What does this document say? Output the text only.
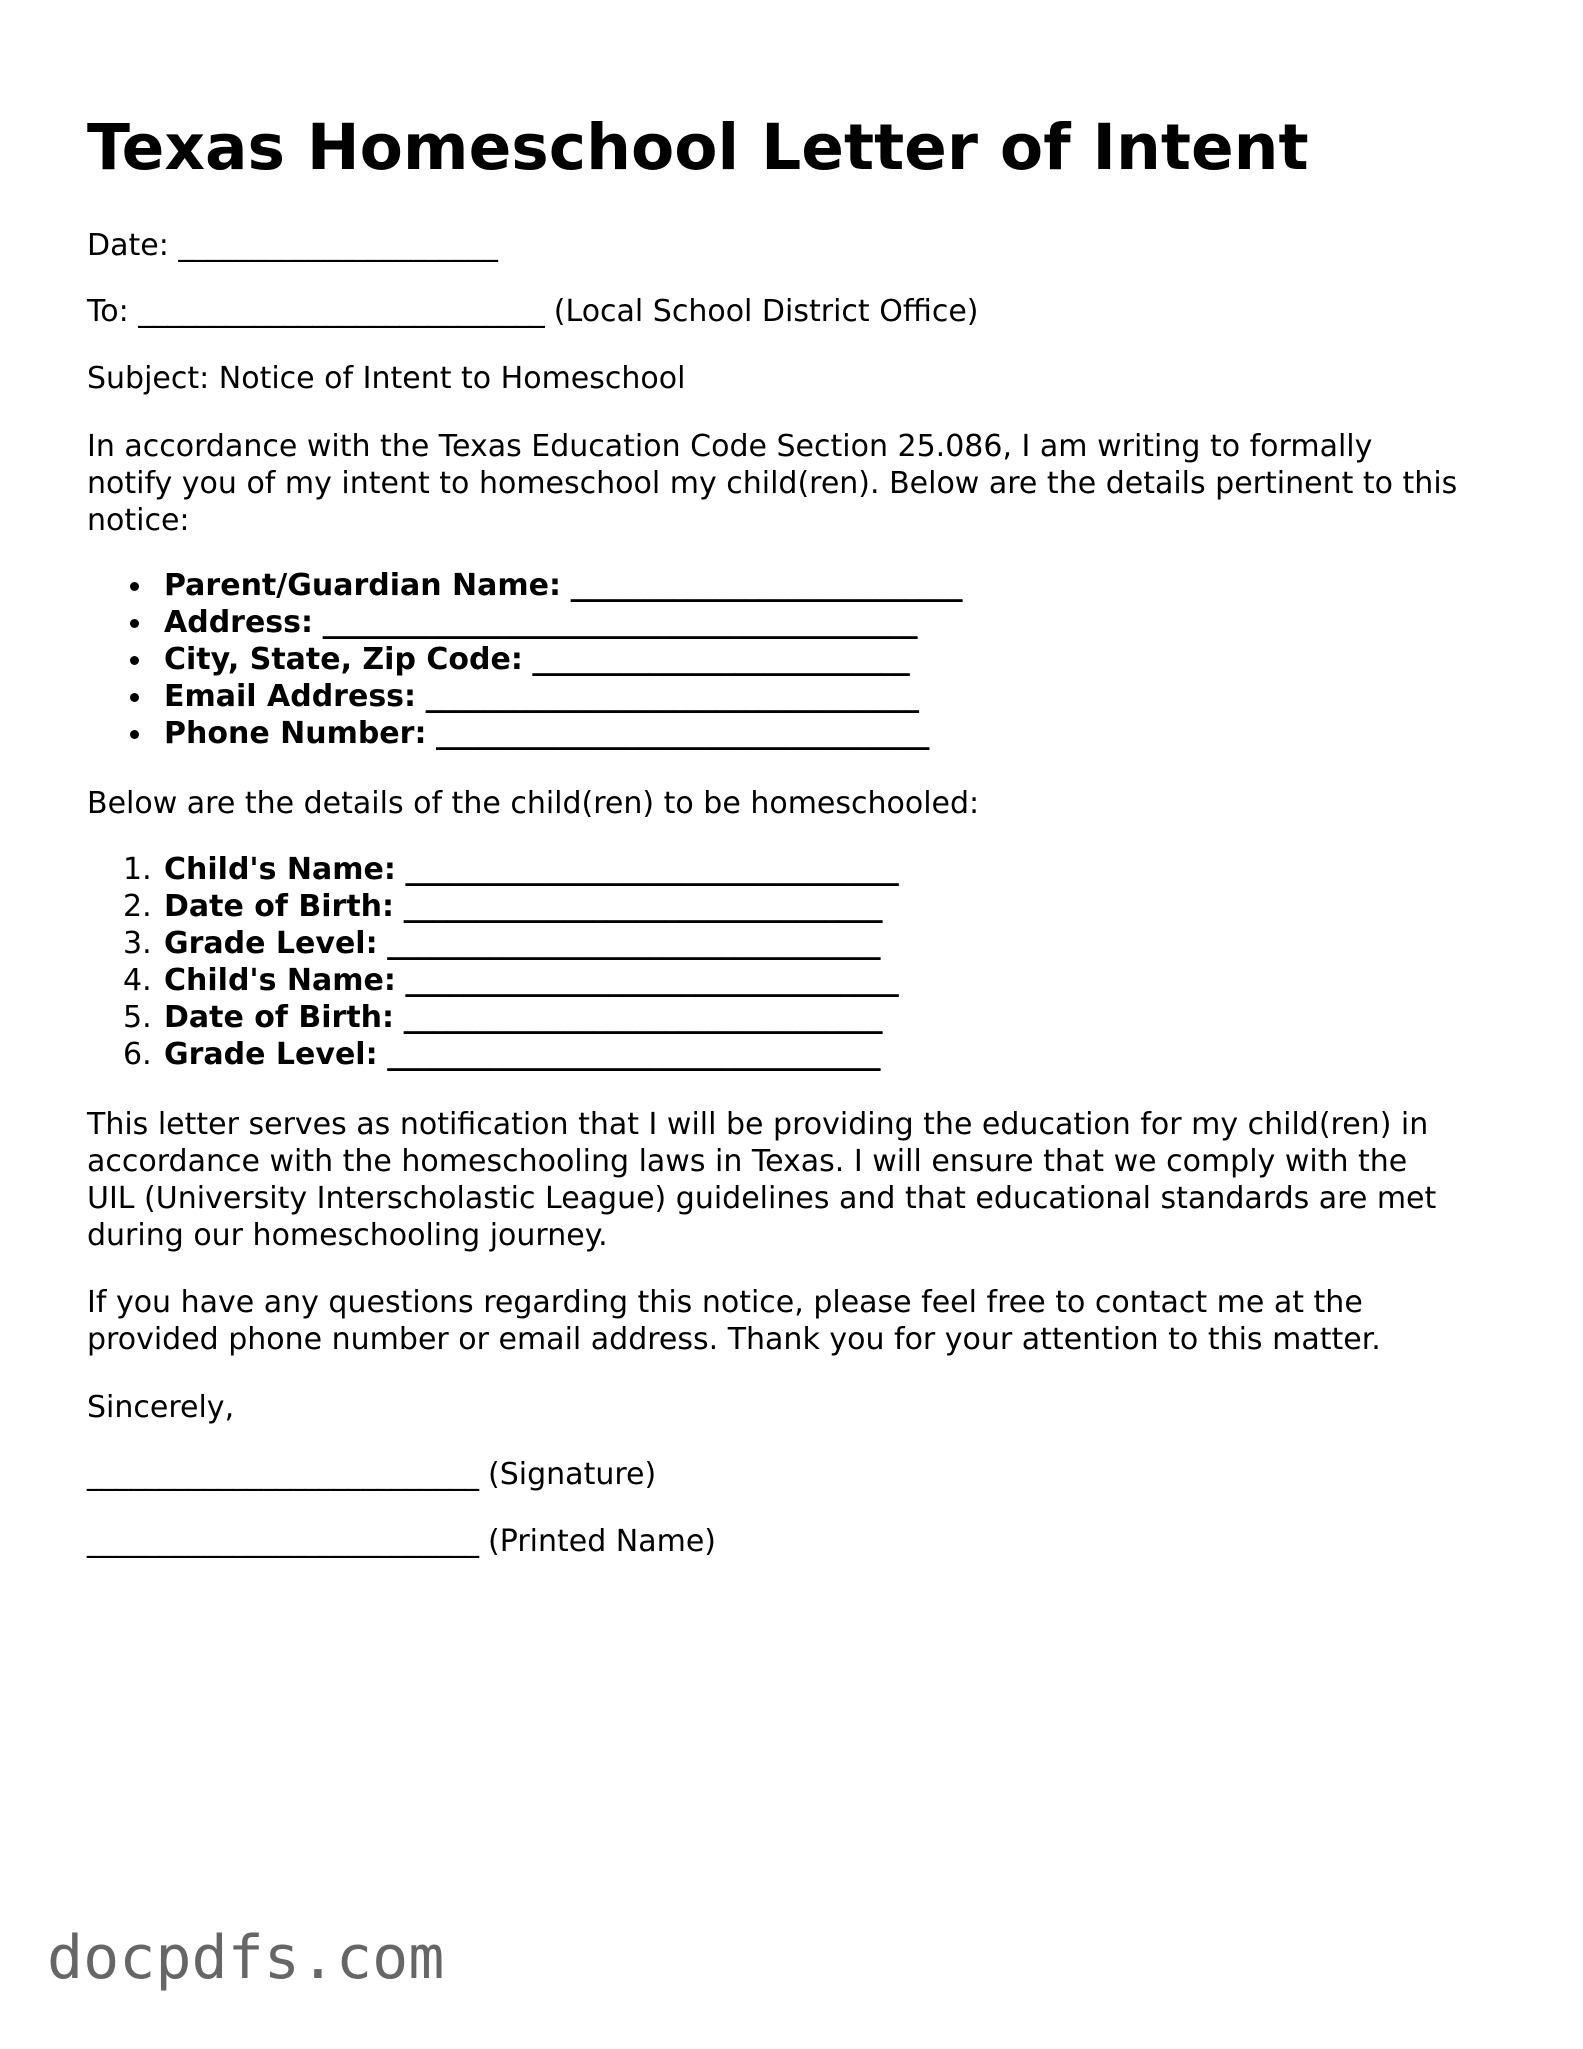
Texas Homeschool Letter of Intent

Date: ______________________

To: ____________________________ (Local School District Office)

Subject: Notice of Intent to Homeschool

In accordance with the Texas Education Code Section 25.086, I am writing to formally
notify you of my intent to homeschool my child(ren). Below are the details pertinent to this
notice:
Parent/Guardian Name: ___________________________
Address: _________________________________________
City, State, Zip Code: __________________________
Email Address: __________________________________
Phone Number: __________________________________

Below are the details of the child(ren) to be homeschooled:

1. Child's Name: __________________________________
2. Date of Birth: _________________________________
3. Grade Level: __________________________________
4. Child's Name: __________________________________
5. Date of Birth: _________________________________
6. Grade Level: __________________________________
This letter serves as notification that I will be providing the education for my child(ren) in
accordance with the homeschooling laws in Texas. I will ensure that we comply with the
UIL (University Interscholastic League) guidelines and that educational standards are met
during our homeschooling journey.
If you have any questions regarding this notice, please feel free to contact me at the
provided phone number or email address. Thank you for your attention to this matter.

Sincerely,

___________________________ (Signature)

___________________________ (Printed Name)

docpdfs.com
